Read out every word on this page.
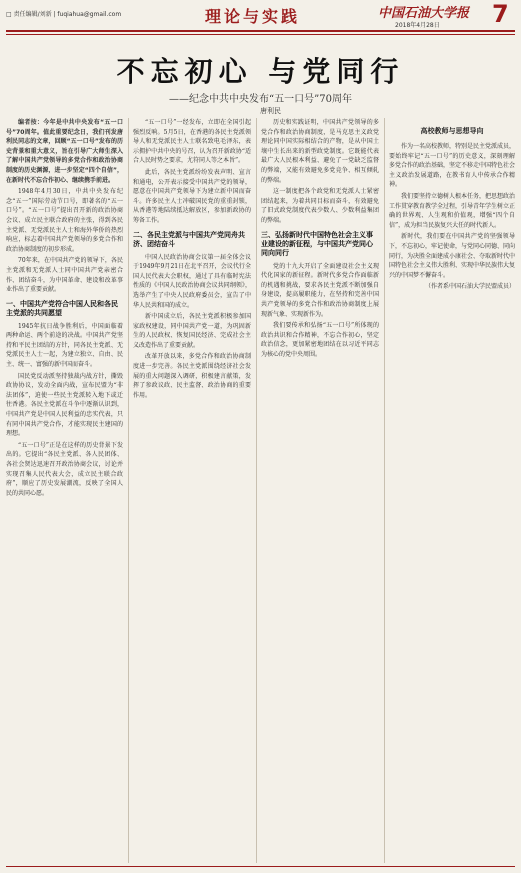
□ 责任编辑/刘新 | fuqiahua@gmail.com	理论与实践	中国石油大学报
2018年4月28日 7
不忘初心 与党同行
——纪念中共中央发布“五一口号”70周年
唐利民

编者按：今年是中共中央发布“五一口号”70周年。值此重要纪念日，我们刊发唐利民同志的文章，回顾“五一口号”发布的历史背景和重大意义，旨在引导广大师生深入了解中国共产党领导的多党合作和政治协商制度的历史渊源，进一步坚定“四个自信”，在新时代不忘合作初心、继续携手前进。

1948年4月30日，中共中央发布纪念“五一”国际劳动节口号，即著名的“五一口号”。“五一口号”提出召开新的政治协商会议、成立民主联合政府的主张，得到各民主党派、无党派民主人士和海外华侨的热烈响应，标志着中国共产党领导的多党合作和政治协商制度的初步形成。

70年来，在中国共产党的领导下，各民主党派和无党派人士同中国共产党亲密合作、团结奋斗，为中国革命、建设和改革事业作出了重要贡献。

一、中国共产党符合中国人民和各民主党派的共同愿望

1945年抗日战争胜利后，中国面临着两种命运、两个前途的决战。中国共产党坚持和平民主团结的方针，同各民主党派、无党派民主人士一起，为建立独立、自由、民主、统一、富强的新中国而奋斗。

国民党反动派坚持独裁内战方针，撕毁政协协议，发动全面内战，宣布民盟为“非法团体”，迫使一些民主党派转入地下或迁往香港。各民主党派在斗争中逐渐认识到，中国共产党是中国人民利益的忠实代表，只有同中国共产党合作，才能实现民主建国的理想。

“五一口号”正是在这样的历史背景下发出的。它提出“各民主党派、各人民团体、各社会贤达迅速召开政治协商会议，讨论并实现召集人民代表大会，成立民主联合政府”，顺应了历史发展潮流，反映了全国人民的共同心愿。

“五一口号”一经发布，立即在全国引起强烈反响。5月5日，在香港的各民主党派领导人和无党派民主人士联名致电毛泽东，表示拥护中共中央的号召，认为召开新政协“适合人民时势之要求，尤符同人等之本旨”。

此后，各民主党派纷纷发表声明、宣言和通电，公开表示接受中国共产党的领导，愿意在中国共产党领导下为建立新中国而奋斗。许多民主人士冲破国民党的重重封锁，从香港等地陆续抵达解放区，参加新政协的筹备工作。

二、各民主党派与中国共产党同舟共济、团结奋斗

中国人民政治协商会议第一届全体会议于1949年9月21日在北平召开，会议代行全国人民代表大会职权，通过了具有临时宪法性质的《中国人民政治协商会议共同纲领》，选举产生了中央人民政府委员会，宣告了中华人民共和国的成立。

新中国成立后，各民主党派积极参加国家政权建设，同中国共产党一道，为巩固新生的人民政权、恢复国民经济、完成社会主义改造作出了重要贡献。

改革开放以来，多党合作和政治协商制度进一步完善。各民主党派围绕经济社会发展的重大问题深入调研，积极建言献策，发挥了参政议政、民主监督、政治协商的重要作用。

历史和实践证明，中国共产党领导的多党合作和政治协商制度，是马克思主义政党理论同中国实际相结合的产物，是从中国土壤中生长出来的新型政党制度。它既能代表最广大人民根本利益、避免了一党缺乏监督的弊端，又能有效避免多党竞争、相互倾轧的弊端。

这一制度把各个政党和无党派人士紧密团结起来，为着共同目标而奋斗，有效避免了旧式政党制度代表少数人、少数利益集团的弊端。

三、弘扬新时代中国特色社会主义事业建设的新征程，与中国共产党同心同向同行

党的十九大开启了全面建设社会主义现代化国家的新征程。新时代多党合作面临新的机遇和挑战，要求各民主党派不断加强自身建设，提高履职能力，在坚持和完善中国共产党领导的多党合作和政治协商制度上展现新气象、实现新作为。

我们要传承和弘扬“五一口号”所体现的政治共识和合作精神，不忘合作初心，坚定政治信念，更加紧密地团结在以习近平同志为核心的党中央周围。

高校教师与思想导向

作为一名高校教师，特别是民主党派成员，要始终牢记“五一口号”的历史意义，深刻理解多党合作的政治基础，坚定不移走中国特色社会主义政治发展道路，在教书育人中传承合作精神。

我们要坚持立德树人根本任务，把思想政治工作贯穿教育教学全过程，引导青年学生树立正确的世界观、人生观和价值观，增强“四个自信”，成为担当民族复兴大任的时代新人。

新时代，我们要在中国共产党的坚强领导下，不忘初心，牢记使命，与党同心同德、同向同行，为决胜全面建成小康社会、夺取新时代中国特色社会主义伟大胜利、实现中华民族伟大复兴的中国梦不懈奋斗。

（作者系中国石油大学民盟成员）
